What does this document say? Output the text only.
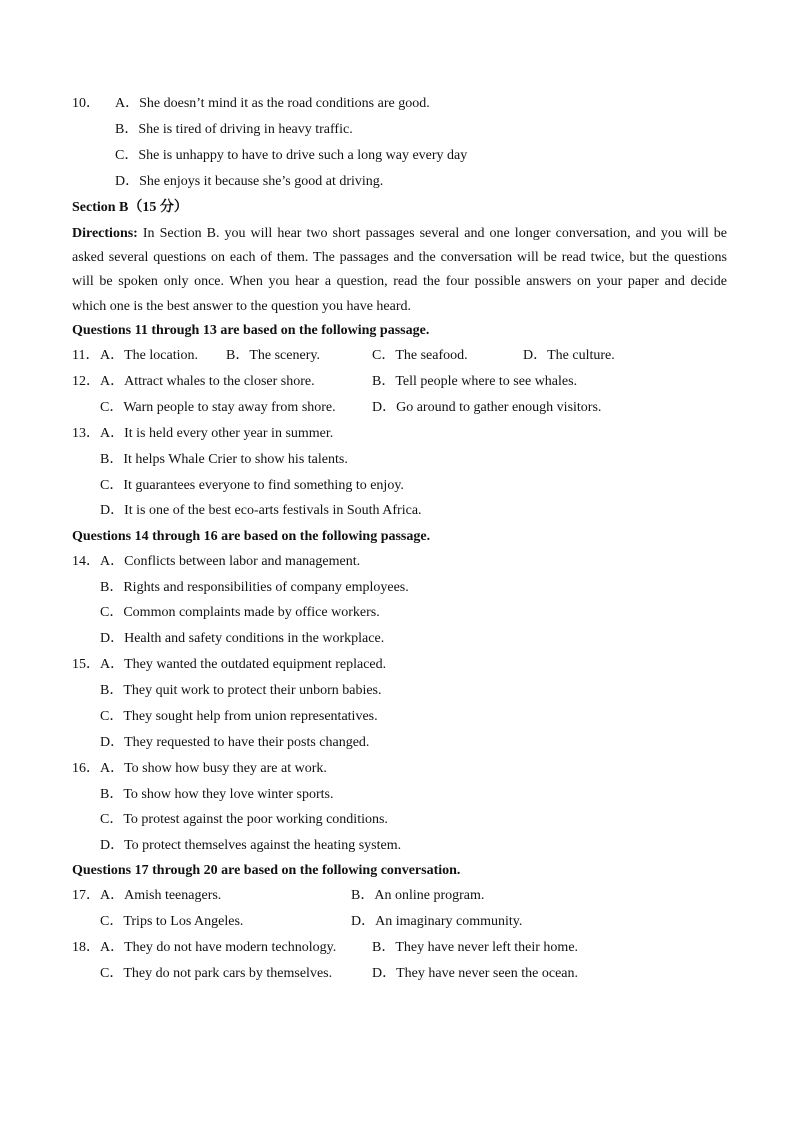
10． A．She doesn’t mind it as the road conditions are good.
B．She is tired of driving in heavy traffic.
C．She is unhappy to have to drive such a long way every day
D．She enjoys it because she’s good at driving.
Section B（15 分）
Directions: In Section B. you will hear two short passages several and one longer conversation, and you will be
asked several questions on each of them. The passages and the conversation will be read twice, but the questions
will be spoken only once. When you hear a question, read the four possible answers on your paper and decide
which one is the best answer to the question you have heard.
Questions 11 through 13 are based on the following passage.
11． A．The location. B．The scenery.	C．The seafood.	D．The culture.
12． A．Attract whales to the closer shore.	B．Tell people where to see whales.
C．Warn people to stay away from shore.	D．Go around to gather enough visitors.
13． A．It is held every other year in summer.
B．It helps Whale Crier to show his talents.
C．It guarantees everyone to find something to enjoy.
D．It is one of the best eco-arts festivals in South Africa.
Questions 14 through 16 are based on the following passage.
14． A．Conflicts between labor and management.
B．Rights and responsibilities of company employees.
C．Common complaints made by office workers.
D．Health and safety conditions in the workplace.
15． A．They wanted the outdated equipment replaced.
B．They quit work to protect their unborn babies.
C．They sought help from union representatives.
D．They requested to have their posts changed.
16． A．To show how busy they are at work.
B．To show how they love winter sports.
C．To protest against the poor working conditions.
D．To protect themselves against the heating system.
Questions 17 through 20 are based on the following conversation.
17． A．Amish teenagers.	B．An online program.
C．Trips to Los Angeles.	D．An imaginary community.
18． A．They do not have modern technology.	B．They have never left their home.
C．They do not park cars by themselves.	D．They have never seen the ocean.
